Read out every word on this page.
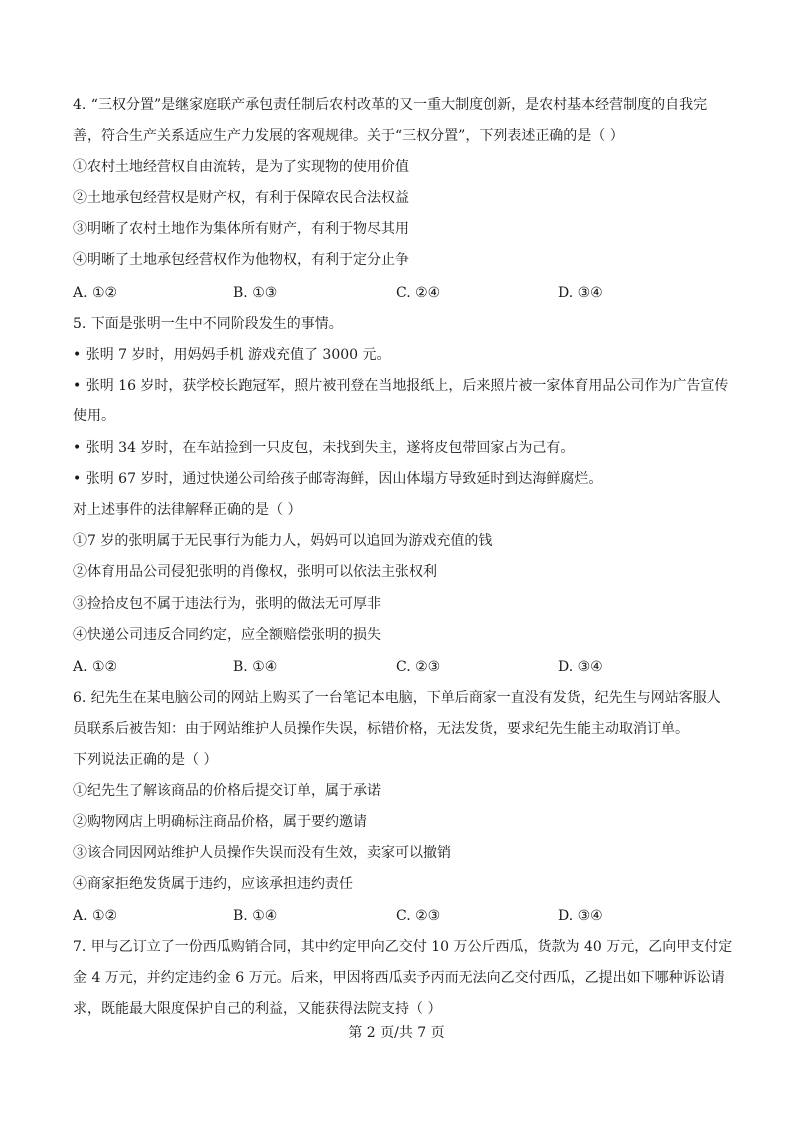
4. “三权分置”是继家庭联产承包责任制后农村改革的又一重大制度创新，是农村基本经营制度的自我完
善，符合生产关系适应生产力发展的客观规律。关于“三权分置”，下列表述正确的是（ ）
①农村土地经营权自由流转，是为了实现物的使用价值
②土地承包经营权是财产权，有利于保障农民合法权益
③明晰了农村土地作为集体所有财产，有利于物尽其用
④明晰了土地承包经营权作为他物权，有利于定分止争
A. ①②	B. ①③	C. ②④	D. ③④
5. 下面是张明一生中不同阶段发生的事情。
• 张明 7 岁时，用妈妈手机 游戏充值了 3000 元。
• 张明 16 岁时，获学校长跑冠军，照片被刊登在当地报纸上，后来照片被一家体育用品公司作为广告宣传
使用。
• 张明 34 岁时，在车站捡到一只皮包，未找到失主，遂将皮包带回家占为己有。
• 张明 67 岁时，通过快递公司给孩子邮寄海鲜，因山体塌方导致延时到达海鲜腐烂。
对上述事件的法律解释正确的是（ ）
①7 岁的张明属于无民事行为能力人，妈妈可以追回为游戏充值的钱
②体育用品公司侵犯张明的肖像权，张明可以依法主张权利
③捡拾皮包不属于违法行为，张明的做法无可厚非
④快递公司违反合同约定，应全额赔偿张明的损失
A. ①②	B. ①④	C. ②③	D. ③④
6. 纪先生在某电脑公司的网站上购买了一台笔记本电脑，下单后商家一直没有发货，纪先生与网站客服人
员联系后被告知：由于网站维护人员操作失误，标错价格，无法发货，要求纪先生能主动取消订单。
下列说法正确的是（ ）
①纪先生了解该商品的价格后提交订单，属于承诺
②购物网店上明确标注商品价格，属于要约邀请
③该合同因网站维护人员操作失误而没有生效，卖家可以撤销
④商家拒绝发货属于违约，应该承担违约责任
A. ①②	B. ①④	C. ②③	D. ③④
7. 甲与乙订立了一份西瓜购销合同，其中约定甲向乙交付 10 万公斤西瓜，货款为 40 万元，乙向甲支付定
金 4 万元，并约定违约金 6 万元。后来，甲因将西瓜卖予丙而无法向乙交付西瓜，乙提出如下哪种诉讼请
求，既能最大限度保护自己的利益，又能获得法院支持（ ）
第 2 页/共 7 页
